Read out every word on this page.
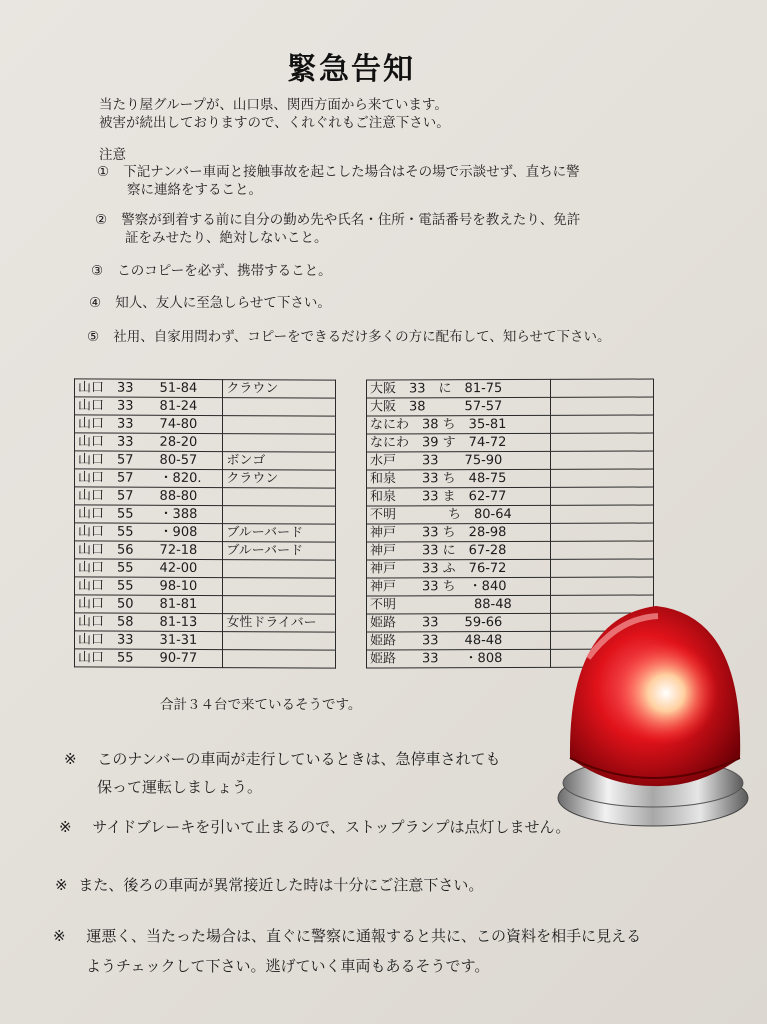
緊急告知
当たり屋グループが、山口県、関西方面から来ています。
被害が続出しておりますので、くれぐれもご注意下さい。
注意
① 下記ナンバー車両と接触事故を起こした場合はその場で示談せず、直ちに警
察に連絡をすること。
② 警察が到着する前に自分の勤め先や氏名・住所・電話番号を教えたり、免許
証をみせたり、絶対しないこと。
③ このコピーを必ず、携帯すること。
④ 知人、友人に至急しらせて下さい。
⑤ 社用、自家用問わず、コピーをできるだけ多くの方に配布して、知らせて下さい。
山口　33　　51-84	クラウン
山口　33　　81-24	
山口　33　　74-80	
山口　33　　28-20	
山口　57　　80-57	ボンゴ
山口　57　　・820.	クラウン
山口　57　　88-80	
山口　55　　・388	
山口　55　　・908	ブルーバード
山口　56　　72-18	ブルーバード
山口　55　　42-00	
山口　55　　98-10	
山口　50　　81-81	
山口　58　　81-13	女性ドライバー
山口　33　　31-31	
山口　55　　90-77	
大阪　33　に　81-75	
大阪　38　　　57-57	
なにわ　38 ち　35-81	
なにわ　39 す　74-72	
水戸　　33　　75-90	
和泉　　33 ち　48-75	
和泉　　33 ま　62-77	
不明　　　　ち　80-64	
神戸　　33 ち　28-98	
神戸　　33 に　67-28	
神戸　　33 ふ　76-72	
神戸　　33 ち　・840	
不明　　　　　　88-48	
姫路　　33　　59-66	
姫路　　33　　48-48	
姫路　　33　　・808	
合計３４台で来ているそうです。
※ このナンバーの車両が走行しているときは、急停車されても
保って運転しましょう。
※ サイドブレーキを引いて止まるので、ストップランプは点灯しません。
※ また、後ろの車両が異常接近した時は十分にご注意下さい。
※ 運悪く、当たった場合は、直ぐに警察に通報すると共に、この資料を相手に見える
ようチェックして下さい。逃げていく車両もあるそうです。
